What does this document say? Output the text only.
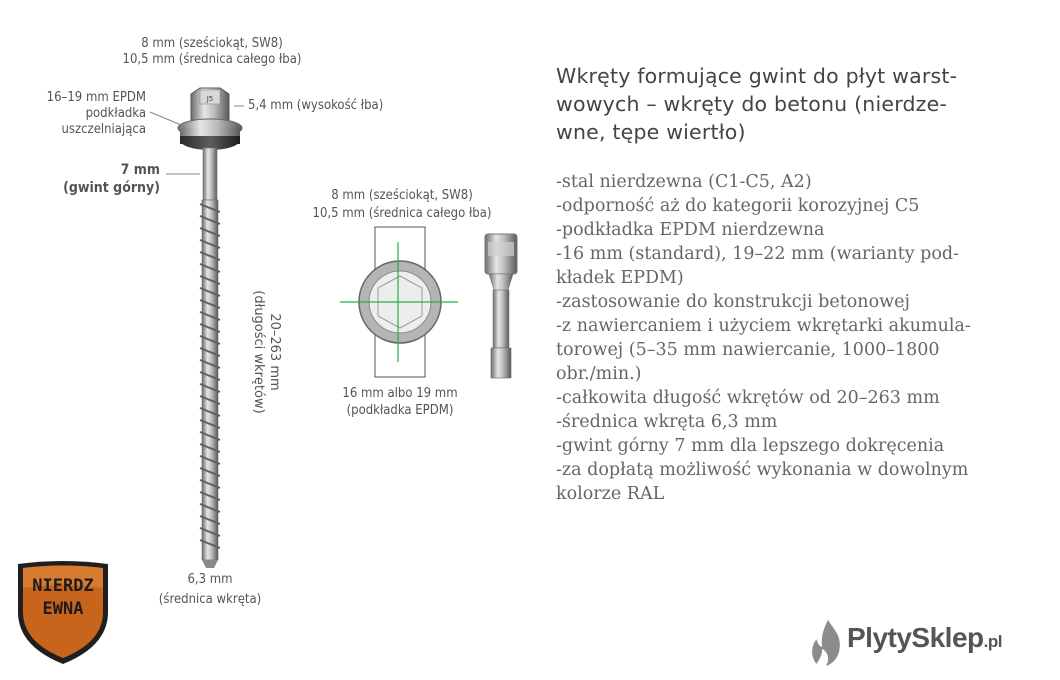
J5
8 mm (sześciokąt, SW8)
10,5 mm (średnica całego łba)
16–19 mm EPDM
podkładka
uszczelniająca
5,4 mm (wysokość łba)
7 mm
(gwint górny)
20–263 mm
(długości wkrętów)
6,3 mm
(średnica wkręta)
8 mm (sześciokąt, SW8)
10,5 mm (średnica całego łba)
16 mm albo 19 mm
(podkładka EPDM)
NIERDZ
EWNA
Wkręty formujące gwint do płyt warst-
wowych – wkręty do betonu (nierdze-
wne, tępe wiertło)
-stal nierdzewna (C1-C5, A2)
-odporność aż do kategorii korozyjnej C5
-podkładka EPDM nierdzewna
-16 mm (standard), 19–22 mm (warianty pod-
kładek EPDM)
-zastosowanie do konstrukcji betonowej
-z nawiercaniem i użyciem wkrętarki akumula-
torowej (5–35 mm nawiercanie, 1000–1800
obr./min.)
-całkowita długość wkrętów od 20–263 mm
-średnica wkręta 6,3 mm
-gwint górny 7 mm dla lepszego dokręcenia
-za dopłatą możliwość wykonania w dowolnym
kolorze RAL
PlytySklep.pl
